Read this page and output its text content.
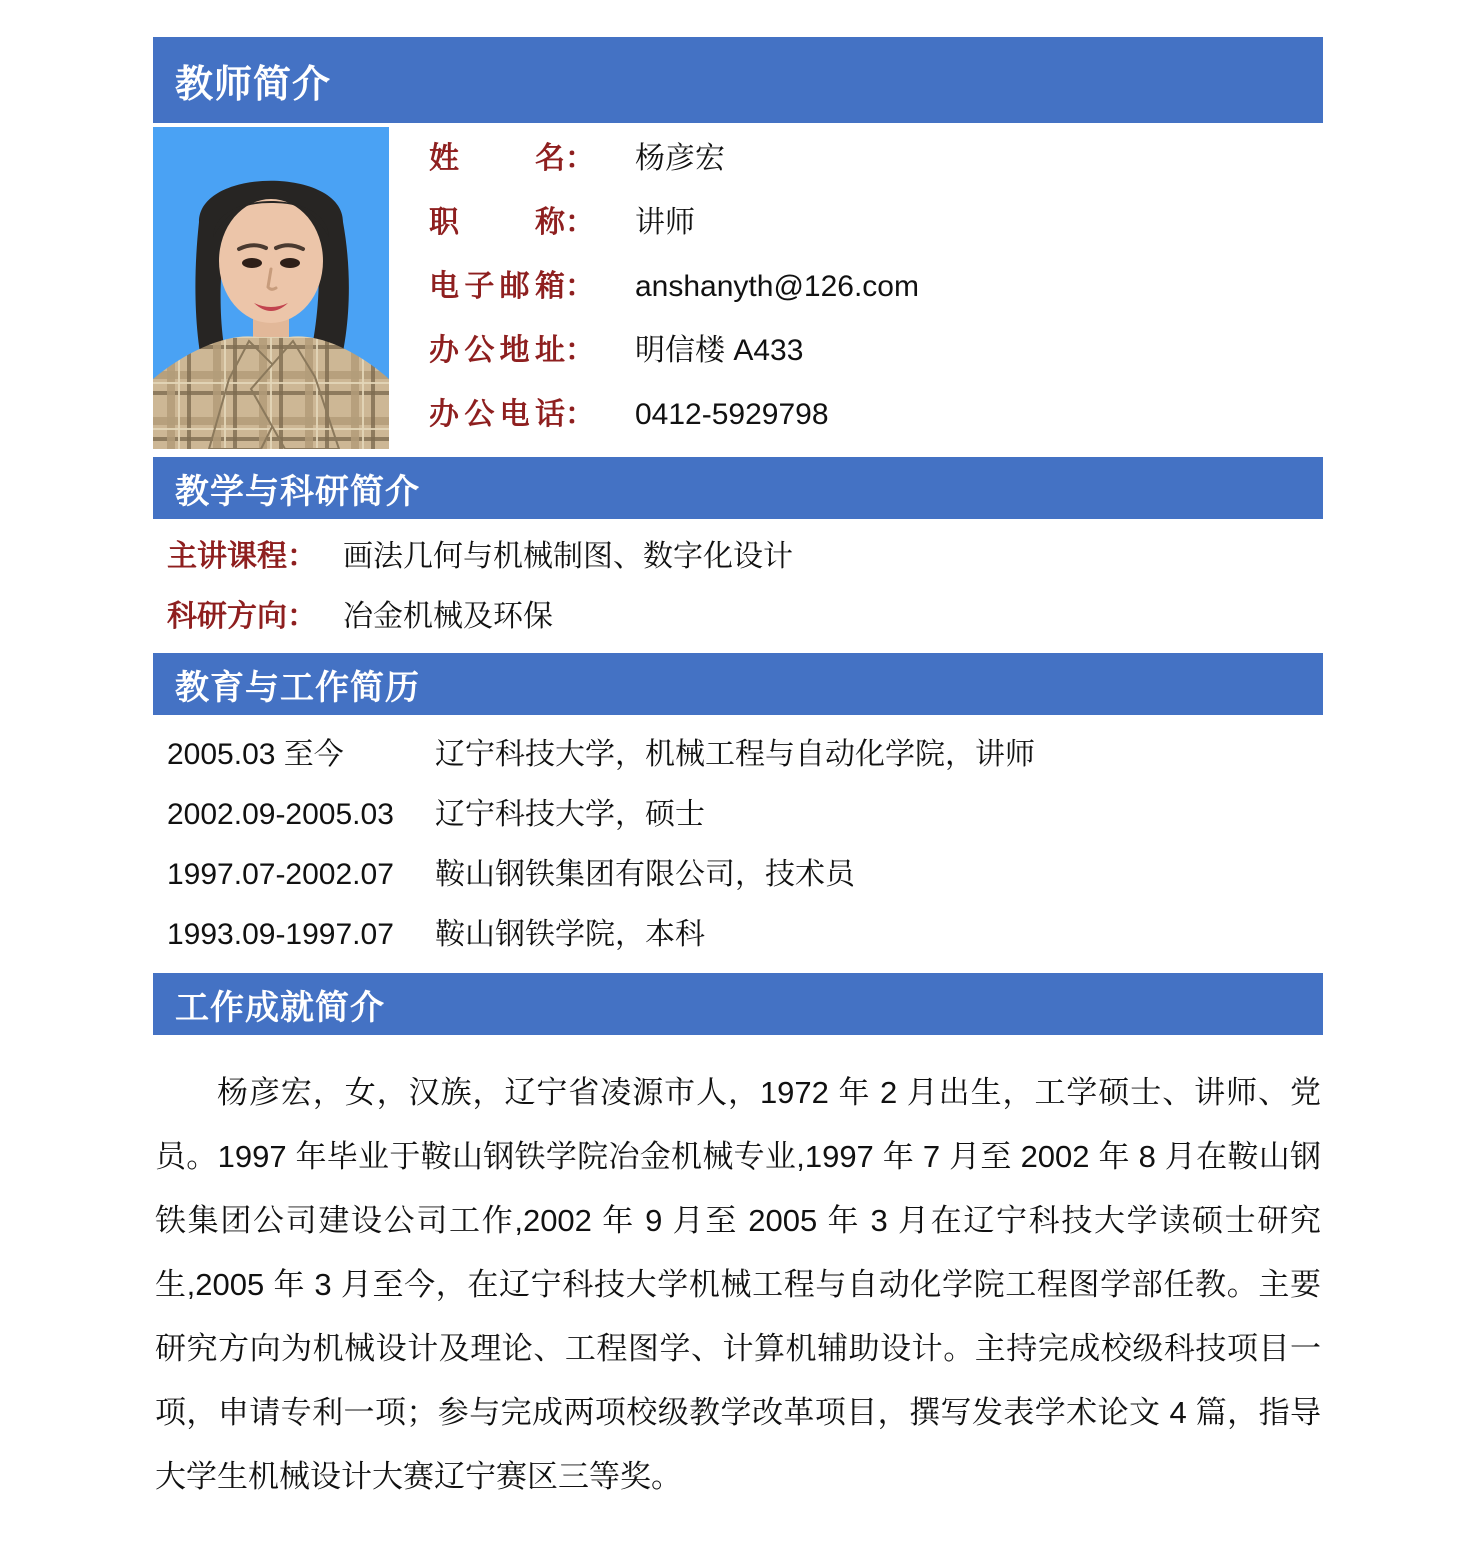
教师简介
姓名 ： 杨彦宏
职称 ： 讲师
电子邮箱 ： anshanyth@126.com
办公地址 ： 明信楼 A433
办公电话 ： 0412-5929798
教学与科研简介
主讲课程： 画法几何与机械制图、数字化设计
科研方向： 冶金机械及环保
教育与工作简历
2005.03 至今	辽宁科技大学，机械工程与自动化学院，讲师
2002.09-2005.03	辽宁科技大学，硕士
1997.07-2002.07	鞍山钢铁集团有限公司，技术员
1993.09-1997.07	鞍山钢铁学院，本科
工作成就简介

杨彦宏，女，汉族，辽宁省凌源市人，1972 年 2 月出生，工学硕士、讲师、党员。1997 年毕业于鞍山钢铁学院冶金机械专业,1997 年 7 月至 2002 年 8 月在鞍山钢铁集团公司建设公司工作,2002 年 9 月至 2005 年 3 月在辽宁科技大学读硕士研究生,2005 年 3 月至今，在辽宁科技大学机械工程与自动化学院工程图学部任教。主要研究方向为机械设计及理论、工程图学、计算机辅助设计。主持完成校级科技项目一项，申请专利一项；参与完成两项校级教学改革项目，撰写发表学术论文 4 篇，指导大学生机械设计大赛辽宁赛区三等奖。
